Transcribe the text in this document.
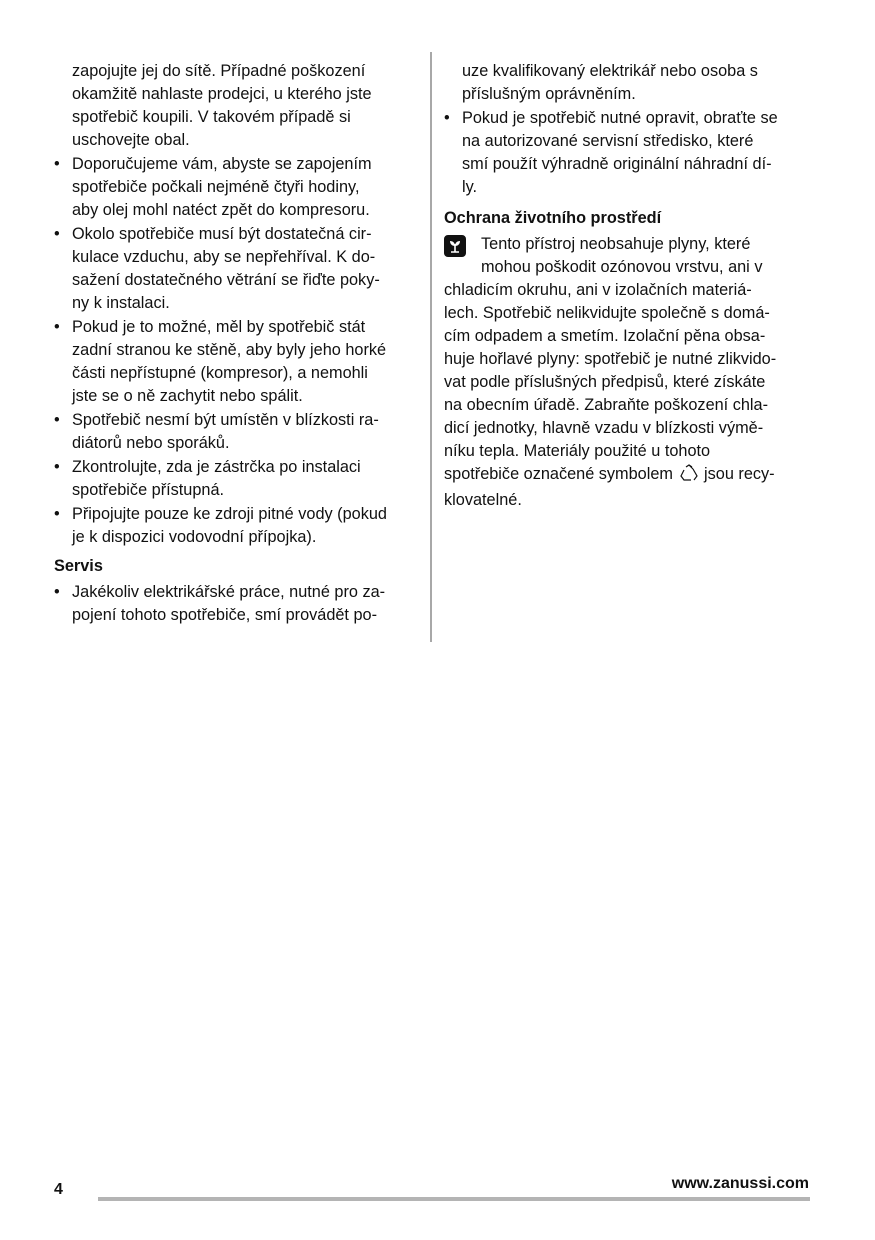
zapojujte jej do sítě. Případné poškození
okamžitě nahlaste prodejci, u kterého jste
spotřebič koupili. V takovém případě si
uschovejte obal.
• Doporučujeme vám, abyste se zapojením
spotřebiče počkali nejméně čtyři hodiny,
aby olej mohl natéct zpět do kompresoru.
• Okolo spotřebiče musí být dostatečná cir-
kulace vzduchu, aby se nepřehříval. K do-
sažení dostatečného větrání se řiďte poky-
ny k instalaci.
• Pokud je to možné, měl by spotřebič stát
zadní stranou ke stěně, aby byly jeho horké
části nepřístupné (kompresor), a nemohli
jste se o ně zachytit nebo spálit.
• Spotřebič nesmí být umístěn v blízkosti ra-
diátorů nebo sporáků.
• Zkontrolujte, zda je zástrčka po instalaci
spotřebiče přístupná.
• Připojujte pouze ke zdroji pitné vody (pokud
je k dispozici vodovodní přípojka).
Servis
• Jakékoliv elektrikářské práce, nutné pro za-
pojení tohoto spotřebiče, smí provádět po-
uze kvalifikovaný elektrikář nebo osoba s
příslušným oprávněním.
• Pokud je spotřebič nutné opravit, obraťte se
na autorizované servisní středisko, které
smí použít výhradně originální náhradní dí-
ly.
Ochrana životního prostředí
Tento přístroj neobsahuje plyny, které
mohou poškodit ozónovou vrstvu, ani v
chladicím okruhu, ani v izolačních materiá-
lech. Spotřebič nelikvidujte společně s domá-
cím odpadem a smetím. Izolační pěna obsa-
huje hořlavé plyny: spotřebič je nutné zlikvido-
vat podle příslušných předpisů, které získáte
na obecním úřadě. Zabraňte poškození chla-
dicí jednotky, hlavně vzadu v blízkosti výmě-
níku tepla. Materiály použité u tohoto
spotřebiče označené symbolem jsou recy-
klovatelné.
4	www.zanussi.com
